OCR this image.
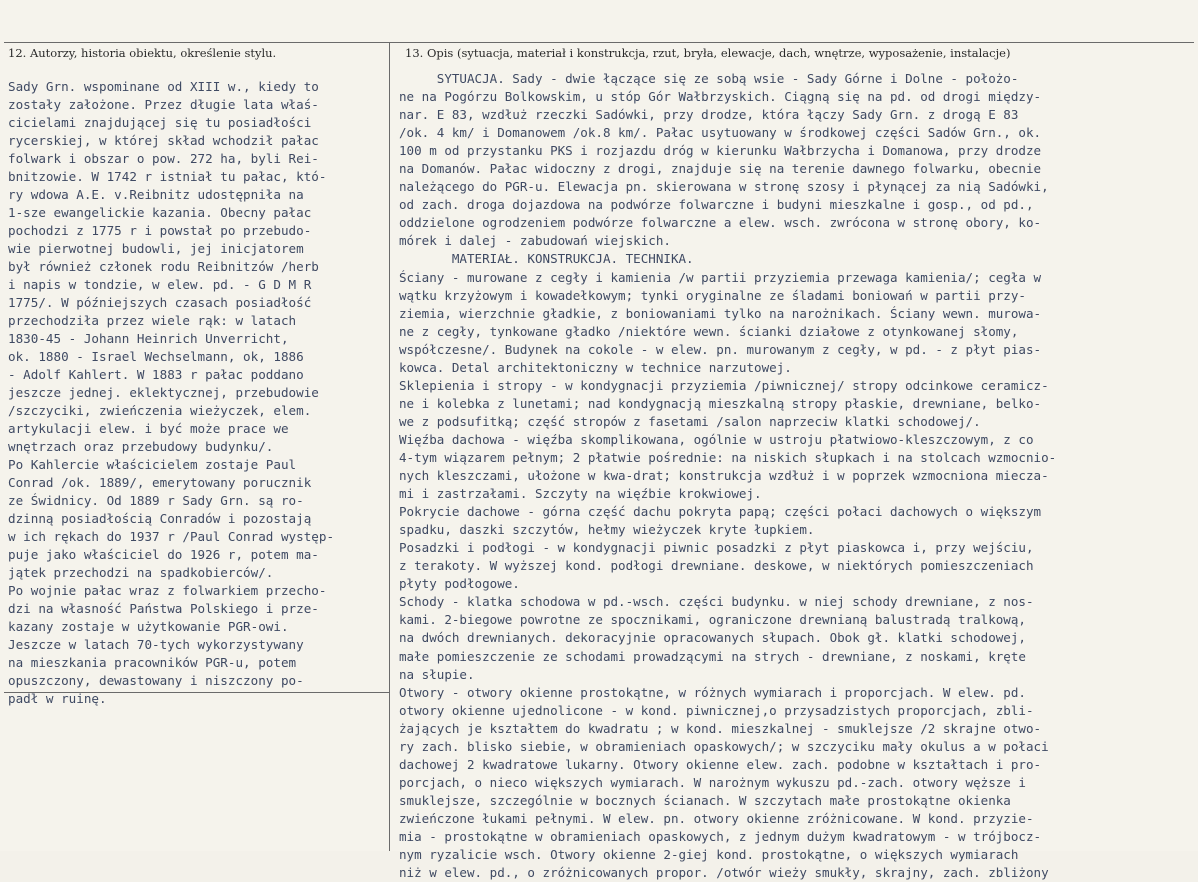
12. Autorzy, historia obiektu, określenie stylu.	13. Opis (sytuacja, materiał i konstrukcja, rzut, bryła, elewacje, dach, wnętrze, wyposażenie, instalacje)
Sady Grn. wspominane od XIII w., kiedy to
zostały założone. Przez długie lata właś-
cicielami znajdującej się tu posiadłości
rycerskiej, w której skład wchodził pałac
folwark i obszar o pow. 272 ha, byli Rei-
bnitzowie. W 1742 r istniał tu pałac, któ-
ry wdowa A.E. v.Reibnitz udostępniła na
1-sze ewangelickie kazania. Obecny pałac
pochodzi z 1775 r i powstał po przebudo-
wie pierwotnej budowli, jej inicjatorem
był również członek rodu Reibnitzów /herb
i napis w tondzie, w elew. pd. - G D M R
1775/. W późniejszych czasach posiadłość
przechodziła przez wiele rąk: w latach
1830-45 - Johann Heinrich Unverricht,
ok. 1880 - Israel Wechselmann, ok, 1886
- Adolf Kahlert. W 1883 r pałac poddano
jeszcze jednej. eklektycznej, przebudowie
/szczyciki, zwieńczenia wieżyczek, elem.
artykulacji elew. i być może prace we
wnętrzach oraz przebudowy budynku/.
Po Kahlercie właścicielem zostaje Paul
Conrad /ok. 1889/, emerytowany porucznik
ze Świdnicy. Od 1889 r Sady Grn. są ro-
dzinną posiadłością Conradów i pozostają
w ich rękach do 1937 r /Paul Conrad występ-
puje jako właściciel do 1926 r, potem ma-
jątek przechodzi na spadkobierców/.
Po wojnie pałac wraz z folwarkiem przecho-
dzi na własność Państwa Polskiego i prze-
kazany zostaje w użytkowanie PGR-owi.
Jeszcze w latach 70-tych wykorzystywany
na mieszkania pracowników PGR-u, potem
opuszczony, dewastowany i niszczony po-
padł w ruinę.
SYTUACJA. Sady - dwie łączące się ze sobą wsie - Sady Górne i Dolne - położo-
ne na Pogórzu Bolkowskim, u stóp Gór Wałbrzyskich. Ciągną się na pd. od drogi między-
nar. E 83, wzdłuż rzeczki Sadówki, przy drodze, która łączy Sady Grn. z drogą E 83
/ok. 4 km/ i Domanowem /ok.8 km/. Pałac usytuowany w środkowej części Sadów Grn., ok.
100 m od przystanku PKS i rozjazdu dróg w kierunku Wałbrzycha i Domanowa, przy drodze
na Domanów. Pałac widoczny z drogi, znajduje się na terenie dawnego folwarku, obecnie
należącego do PGR-u. Elewacja pn. skierowana w stronę szosy i płynącej za nią Sadówki,
od zach. droga dojazdowa na podwórze folwarczne i budyni mieszkalne i gosp., od pd.,
oddzielone ogrodzeniem podwórze folwarczne a elew. wsch. zwrócona w stronę obory, ko-
mórek i dalej - zabudowań wiejskich.
MATERIAŁ. KONSTRUKCJA. TECHNIKA.
Ściany - murowane z cegły i kamienia /w partii przyziemia przewaga kamienia/; cegła w
wątku krzyżowym i kowadełkowym; tynki oryginalne ze śladami boniowań w partii przy-
ziemia, wierzchnie gładkie, z boniowaniami tylko na narożnikach. Ściany wewn. murowa-
ne z cegły, tynkowane gładko /niektóre wewn. ścianki działowe z otynkowanej słomy,
współczesne/. Budynek na cokole - w elew. pn. murowanym z cegły, w pd. - z płyt pias-
kowca. Detal architektoniczny w technice narzutowej.
Sklepienia i stropy - w kondygnacji przyziemia /piwnicznej/ stropy odcinkowe ceramicz-
ne i kolebka z lunetami; nad kondygnacją mieszkalną stropy płaskie, drewniane, belko-
we z podsufitką; część stropów z fasetami /salon naprzeciw klatki schodowej/.
Więźba dachowa - więźba skomplikowana, ogólnie w ustroju płatwiowo-kleszczowym, z co
4-tym wiązarem pełnym; 2 płatwie pośrednie: na niskich słupkach i na stolcach wzmocnio-
nych kleszczami, ułożone w kwa-drat; konstrukcja wzdłuż i w poprzek wzmocniona miecza-
mi i zastrzałami. Szczyty na więźbie krokwiowej.
Pokrycie dachowe - górna część dachu pokryta papą; części połaci dachowych o większym
spadku, daszki szczytów, hełmy wieżyczek kryte łupkiem.
Posadzki i podłogi - w kondygnacji piwnic posadzki z płyt piaskowca i, przy wejściu,
z terakoty. W wyższej kond. podłogi drewniane. deskowe, w niektórych pomieszczeniach
płyty podłogowe.
Schody - klatka schodowa w pd.-wsch. części budynku. w niej schody drewniane, z nos-
kami. 2-biegowe powrotne ze spocznikami, ograniczone drewnianą balustradą tralkową,
na dwóch drewnianych. dekoracyjnie opracowanych słupach. Obok gł. klatki schodowej,
małe pomieszczenie ze schodami prowadzącymi na strych - drewniane, z noskami, kręte
na słupie.
Otwory - otwory okienne prostokątne, w różnych wymiarach i proporcjach. W elew. pd.
otwory okienne ujednolicone - w kond. piwnicznej,o przysadzistych proporcjach, zbli-
żających je kształtem do kwadratu ; w kond. mieszkalnej - smuklejsze /2 skrajne otwo-
ry zach. blisko siebie, w obramieniach opaskowych/; w szczyciku mały okulus a w połaci
dachowej 2 kwadratowe lukarny. Otwory okienne elew. zach. podobne w kształtach i pro-
porcjach, o nieco większych wymiarach. W narożnym wykuszu pd.-zach. otwory węższe i
smuklejsze, szczególnie w bocznych ścianach. W szczytach małe prostokątne okienka
zwieńczone łukami pełnymi. W elew. pn. otwory okienne zróżnicowane. W kond. przyzie-
mia - prostokątne w obramieniach opaskowych, z jednym dużym kwadratowym - w trójbocz-
nym ryzalicie wsch. Otwory okienne 2-giej kond. prostokątne, o większych wymiarach
niż w elew. pd., o zróżnicowanych propor. /otwór wieży smukły, skrajny, zach. zbliżony
